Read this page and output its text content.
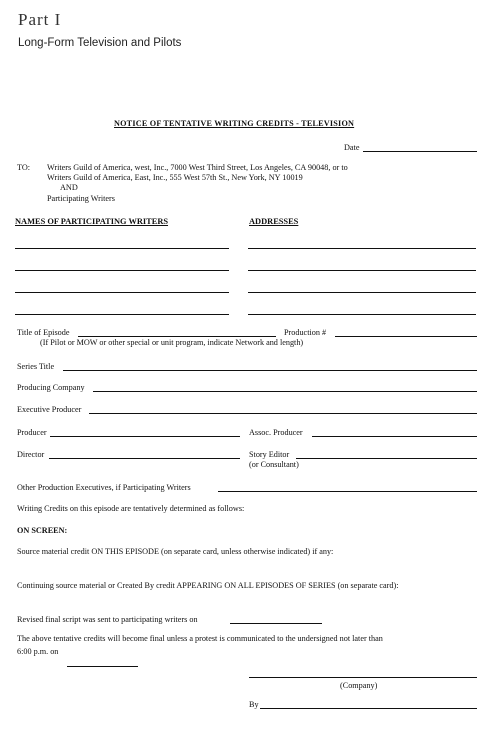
Part I
Long-Form Television and Pilots
NOTICE OF TENTATIVE WRITING CREDITS - TELEVISION
Date
TO: Writers Guild of America, west, Inc., 7000 West Third Street, Los Angeles, CA 90048, or to
Writers Guild of America, East, Inc., 555 West 57th St., New York, NY 10019
AND
Participating Writers
NAMES OF PARTICIPATING WRITERS	ADDRESSES
Title of Episode	Production #
(If Pilot or MOW or other special or unit program, indicate Network and length)
Series Title
Producing Company
Executive Producer
Producer	Assoc. Producer
Director	Story Editor
(or Consultant)
Other Production Executives, if Participating Writers
Writing Credits on this episode are tentatively determined as follows:
ON SCREEN:
Source material credit ON THIS EPISODE (on separate card, unless otherwise indicated) if any:
Continuing source material or Created By credit APPEARING ON ALL EPISODES OF SERIES (on separate card):
Revised final script was sent to participating writers on
The above tentative credits will become final unless a protest is communicated to the undersigned not later than
6:00 p.m. on
(Company)
By
